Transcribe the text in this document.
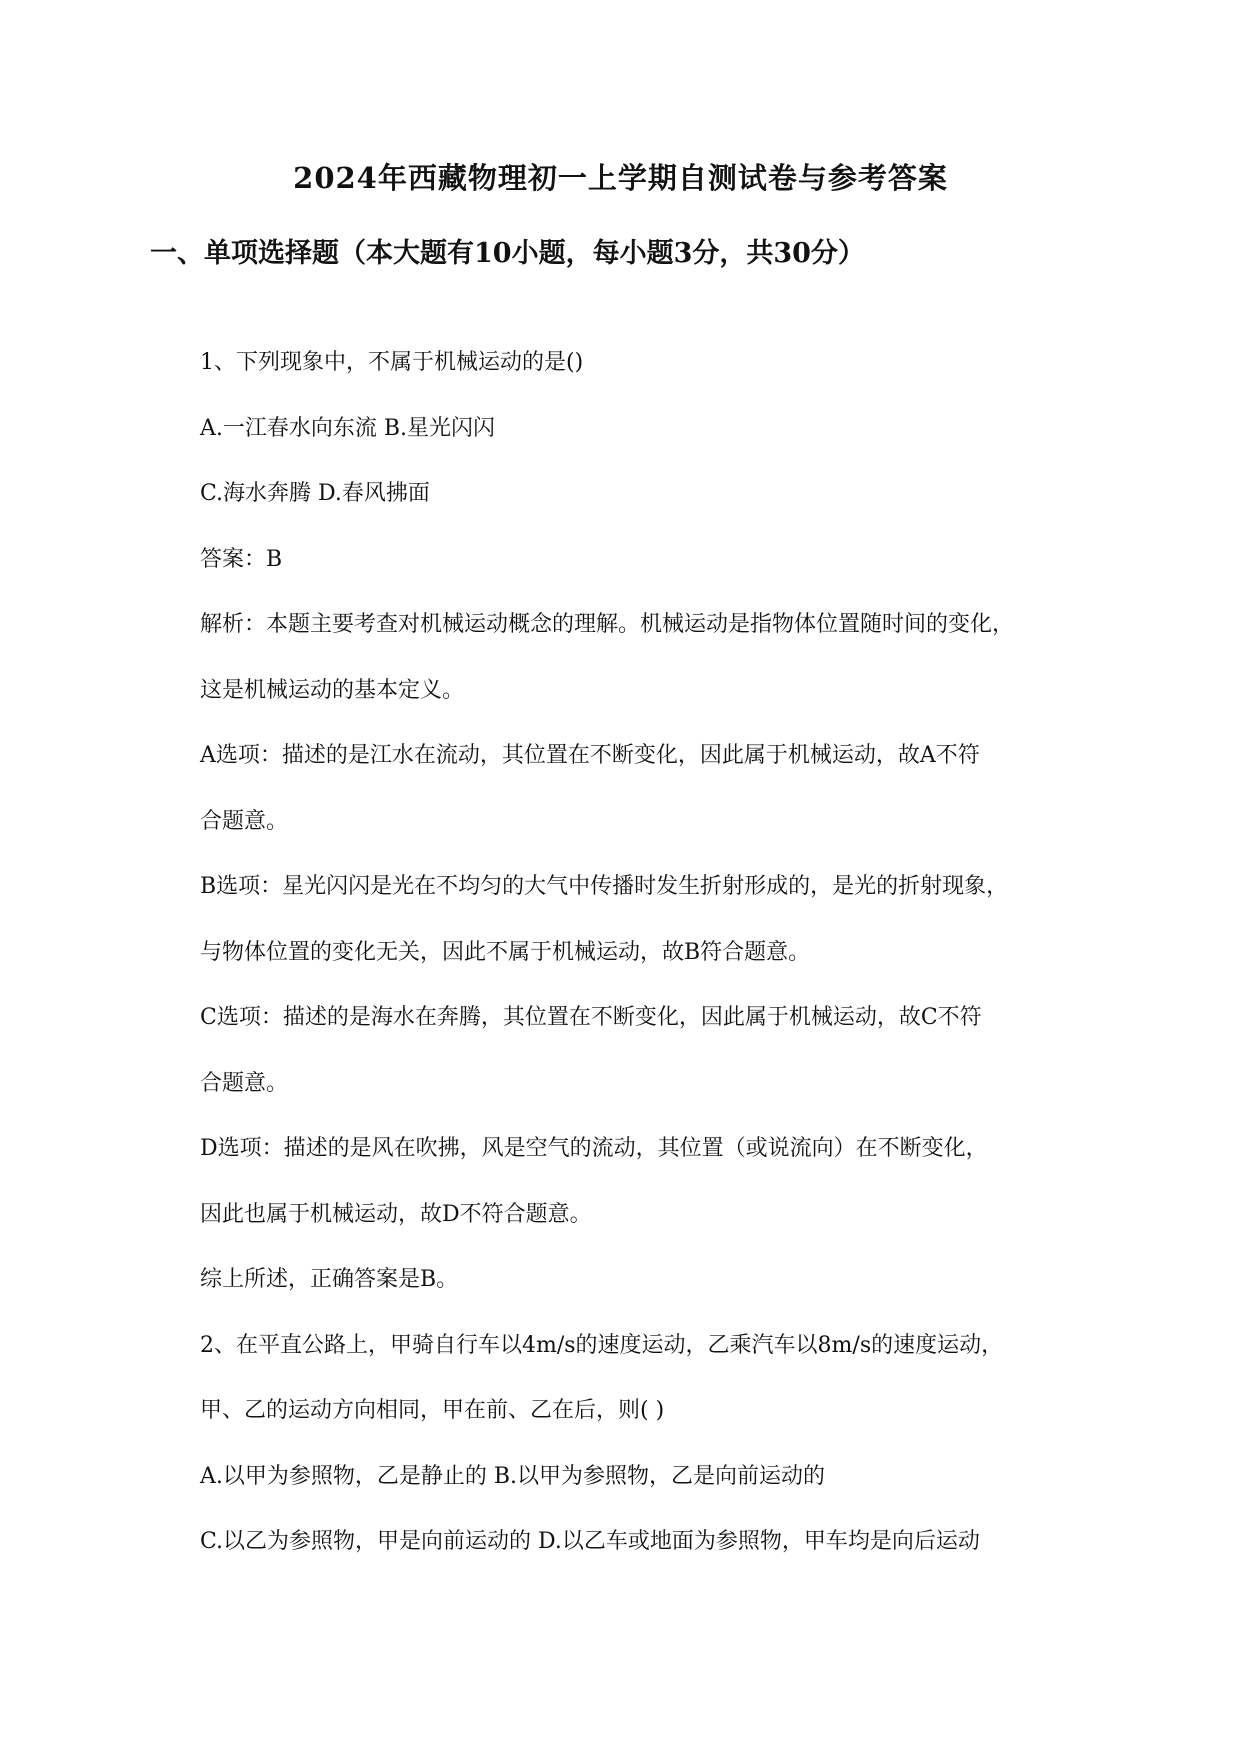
2024年西藏物理初一上学期自测试卷与参考答案
一、单项选择题（本大题有10小题，每小题3分，共30分）
1、下列现象中，不属于机械运动的是()
A.一江春水向东流 B.星光闪闪
C.海水奔腾 D.春风拂面
答案：B
解析：本题主要考查对机械运动概念的理解。机械运动是指物体位置随时间的变化，
这是机械运动的基本定义。
A选项：描述的是江水在流动，其位置在不断变化，因此属于机械运动，故A不符
合题意。
B选项：星光闪闪是光在不均匀的大气中传播时发生折射形成的，是光的折射现象，
与物体位置的变化无关，因此不属于机械运动，故B符合题意。
C选项：描述的是海水在奔腾，其位置在不断变化，因此属于机械运动，故C不符
合题意。
D选项：描述的是风在吹拂，风是空气的流动，其位置（或说流向）在不断变化，
因此也属于机械运动，故D不符合题意。
综上所述，正确答案是B。
2、在平直公路上，甲骑自行车以4m/s的速度运动，乙乘汽车以8m/s的速度运动，
甲、乙的运动方向相同，甲在前、乙在后，则( )
A.以甲为参照物，乙是静止的 B.以甲为参照物，乙是向前运动的
C.以乙为参照物，甲是向前运动的 D.以乙车或地面为参照物，甲车均是向后运动
